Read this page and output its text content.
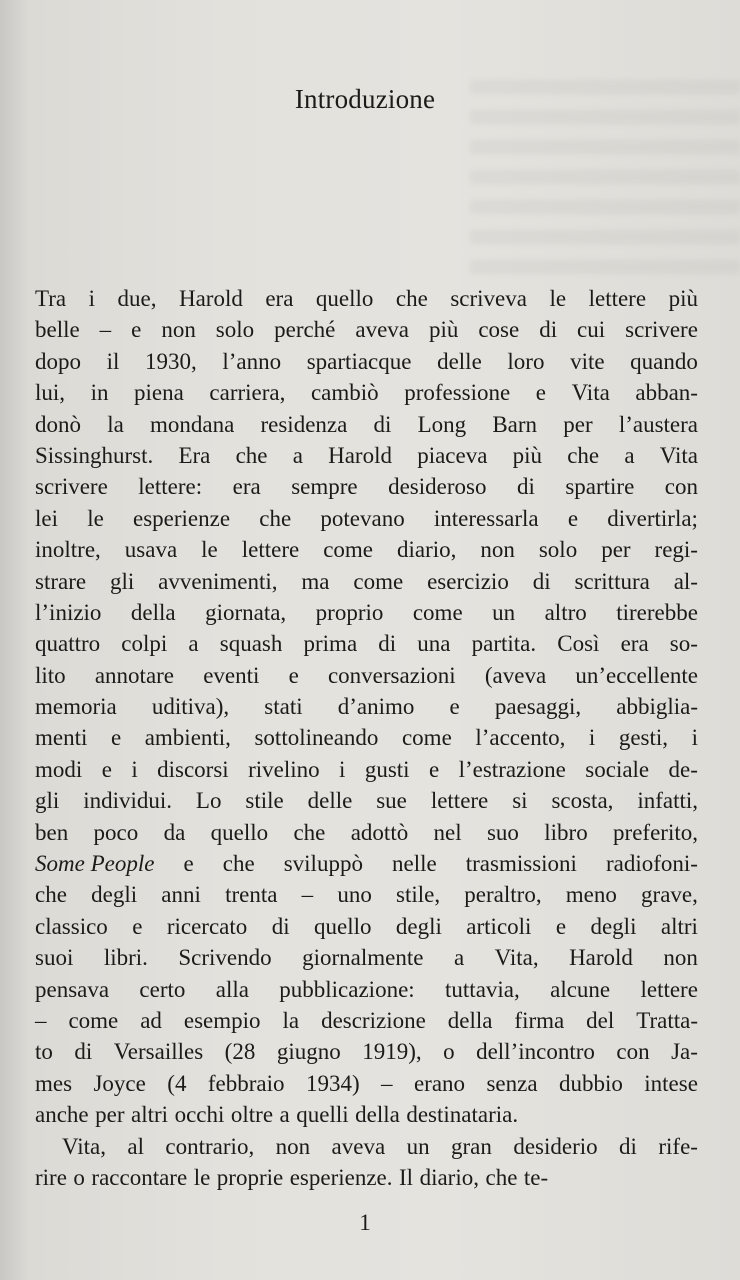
Introduzione
Tra i due, Harold era quello che scriveva le lettere più
belle – e non solo perché aveva più cose di cui scrivere
dopo il 1930, l’anno spartiacque delle loro vite quando
lui, in piena carriera, cambiò professione e Vita abban-
donò la mondana residenza di Long Barn per l’austera
Sissinghurst. Era che a Harold piaceva più che a Vita
scrivere lettere: era sempre desideroso di spartire con
lei le esperienze che potevano interessarla e divertirla;
inoltre, usava le lettere come diario, non solo per regi-
strare gli avvenimenti, ma come esercizio di scrittura al-
l’inizio della giornata, proprio come un altro tirerebbe
quattro colpi a squash prima di una partita. Così era so-
lito annotare eventi e conversazioni (aveva un’eccellente
memoria uditiva), stati d’animo e paesaggi, abbiglia-
menti e ambienti, sottolineando come l’accento, i gesti, i
modi e i discorsi rivelino i gusti e l’estrazione sociale de-
gli individui. Lo stile delle sue lettere si scosta, infatti,
ben poco da quello che adottò nel suo libro preferito,
Some People e che sviluppò nelle trasmissioni radiofoni-
che degli anni trenta – uno stile, peraltro, meno grave,
classico e ricercato di quello degli articoli e degli altri
suoi libri. Scrivendo giornalmente a Vita, Harold non
pensava certo alla pubblicazione: tuttavia, alcune lettere
– come ad esempio la descrizione della firma del Tratta-
to di Versailles (28 giugno 1919), o dell’incontro con Ja-
mes Joyce (4 febbraio 1934) – erano senza dubbio intese
anche per altri occhi oltre a quelli della destinataria.
Vita, al contrario, non aveva un gran desiderio di rife-
rire o raccontare le proprie esperienze. Il diario, che te-
1
